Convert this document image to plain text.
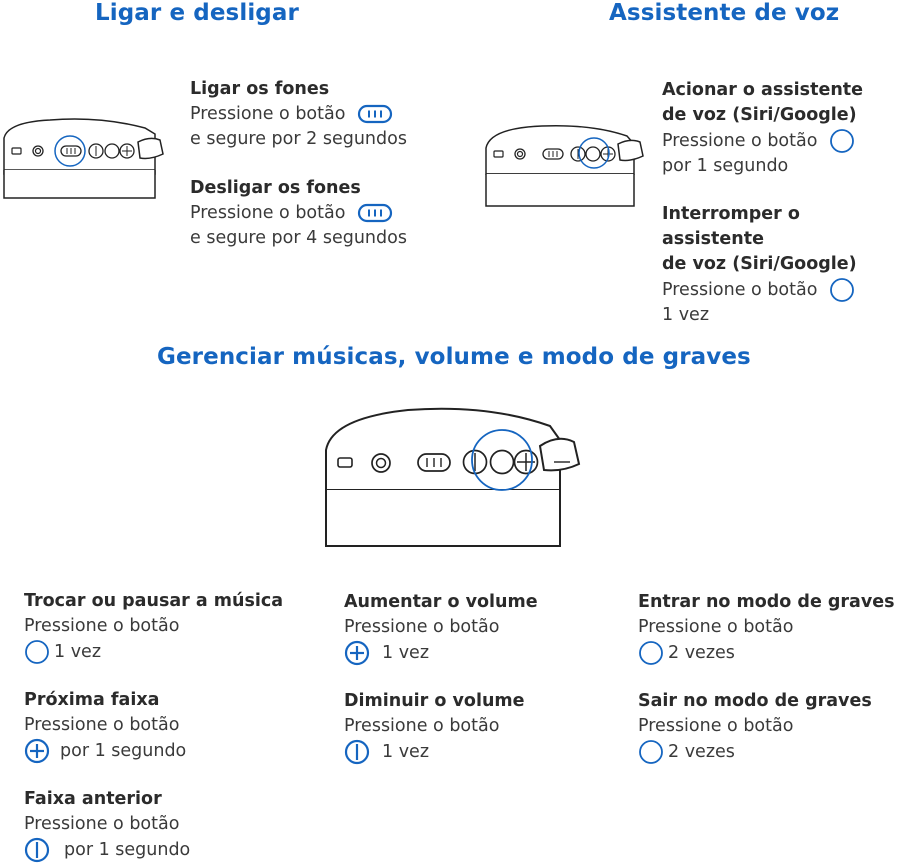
Ligar e desligar	Assistente de voz
Gerenciar músicas, volume e modo de graves
Ligar os fones
Pressione o botão
e segure por 2 segundos
Desligar os fones
Pressione o botão
e segure por 4 segundos
Acionar o assistente
de voz (Siri/Google)
Pressione o botão
por 1 segundo
Interromper o assistente
de voz (Siri/Google)
Pressione o botão
1 vez
Trocar ou pausar a música
Pressione o botão
1 vez
Próxima faixa
Pressione o botão
por 1 segundo
Faixa anterior
Pressione o botão
por 1 segundo
Aumentar o volume
Pressione o botão
1 vez
Diminuir o volume
Pressione o botão
1 vez
Entrar no modo de graves
Pressione o botão
2 vezes
Sair no modo de graves
Pressione o botão
2 vezes
